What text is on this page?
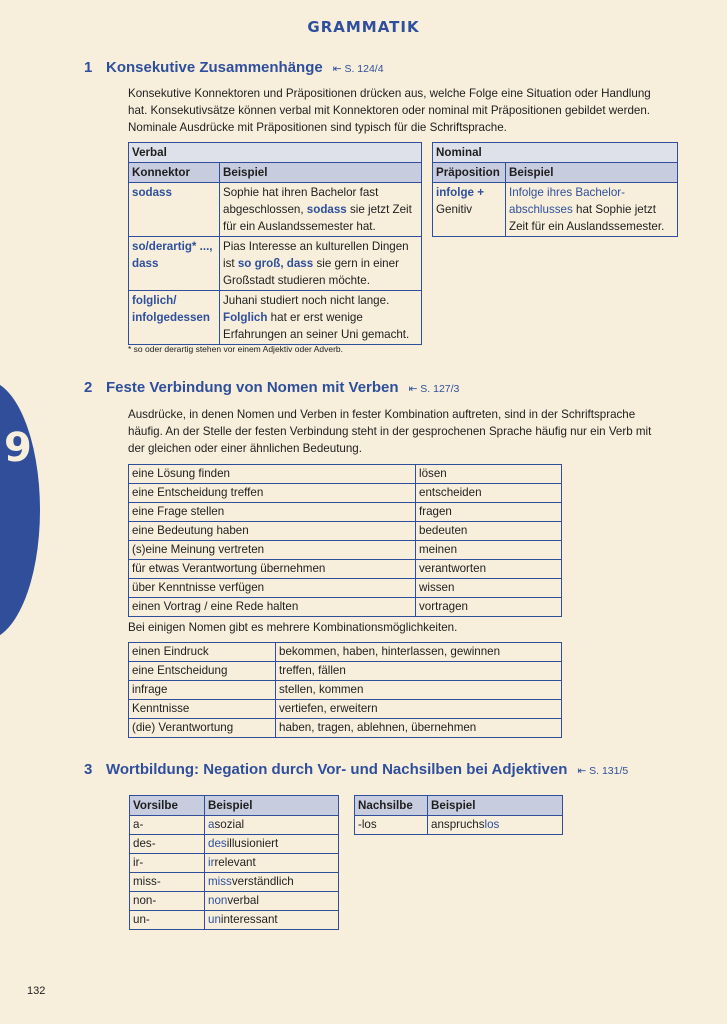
GRAMMATIK
9
1 Konsekutive Zusammenhänge ⇤ S. 124/4
Konsekutive Konnektoren und Präpositionen drücken aus, welche Folge eine Situation oder Handlung hat. Konsekutivsätze können verbal mit Konnektoren oder nominal mit Präpositionen gebildet werden. Nominale Ausdrücke mit Präpositionen sind typisch für die Schriftsprache.
Verbal	
Konnektor	Beispiel
sodass	Sophie hat ihren Bachelor fast abgeschlossen, sodass sie jetzt Zeit für ein Auslandssemester hat.
so/derartig* ..., dass	Pias Interesse an kulturellen Dingen ist so groß, dass sie gern in einer Großstadt studieren möchte.
folglich/ infolgedessen	Juhani studiert noch nicht lange. Folglich hat er erst wenige Erfahrungen an seiner Uni gemacht.
Nominal	
Präposition	Beispiel
infolge +
Genitiv	Infolge ihres Bachelor-abschlusses hat Sophie jetzt Zeit für ein Auslandssemester.
* so oder derartig stehen vor einem Adjektiv oder Adverb.
2 Feste Verbindung von Nomen mit Verben ⇤ S. 127/3
Ausdrücke, in denen Nomen und Verben in fester Kombination auftreten, sind in der Schriftsprache häufig. An der Stelle der festen Verbindung steht in der gesprochenen Sprache häufig nur ein Verb mit der gleichen oder einer ähnlichen Bedeutung.
eine Lösung finden	lösen
eine Entscheidung treffen	entscheiden
eine Frage stellen	fragen
eine Bedeutung haben	bedeuten
(s)eine Meinung vertreten	meinen
für etwas Verantwortung übernehmen	verantworten
über Kenntnisse verfügen	wissen
einen Vortrag / eine Rede halten	vortragen
Bei einigen Nomen gibt es mehrere Kombinationsmöglichkeiten.
einen Eindruck	bekommen, haben, hinterlassen, gewinnen
eine Entscheidung	treffen, fällen
infrage	stellen, kommen
Kenntnisse	vertiefen, erweitern
(die) Verantwortung	haben, tragen, ablehnen, übernehmen
3 Wortbildung: Negation durch Vor- und Nachsilben bei Adjektiven ⇤ S. 131/5
Vorsilbe	Beispiel
a-	asozial
des-	desillusioniert
ir-	irrelevant
miss-	missverständlich
non-	nonverbal
un-	uninteressant
Nachsilbe	Beispiel
-los	anspruchslos
132
